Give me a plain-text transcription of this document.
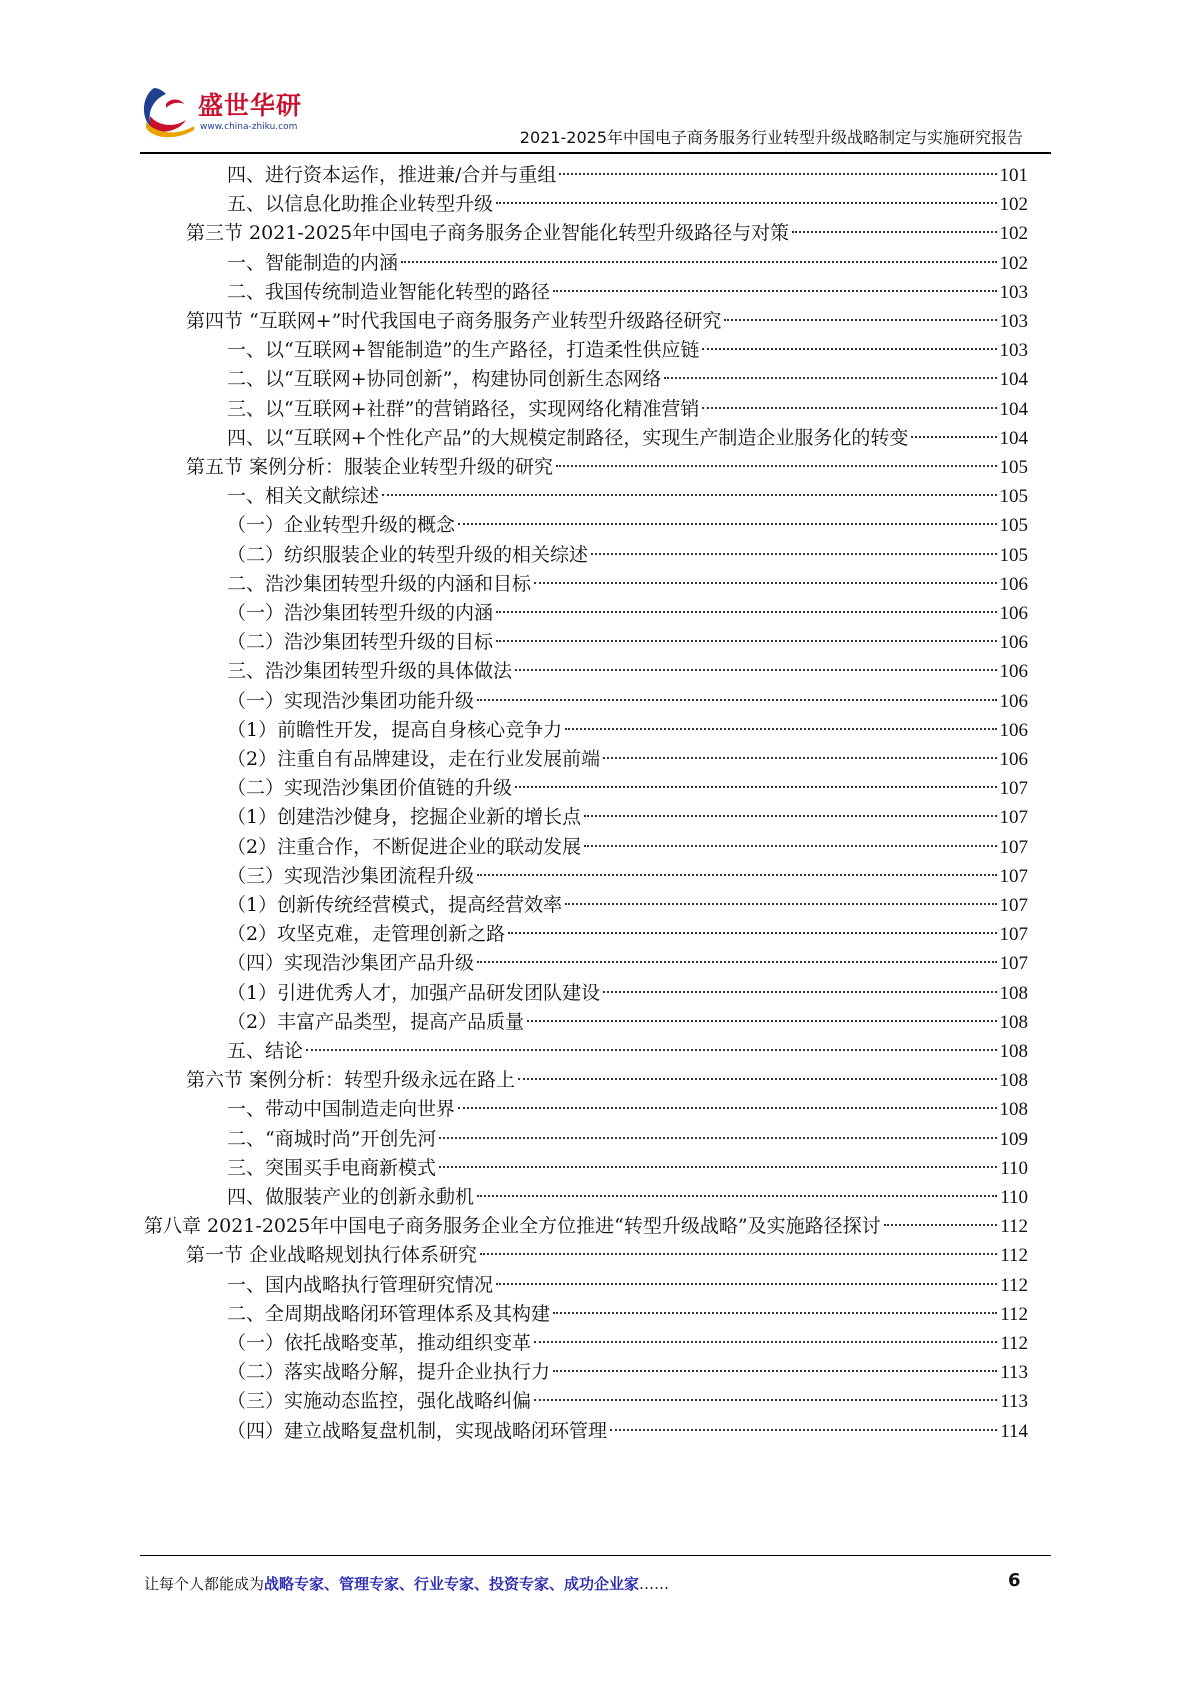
盛世华研
www.china-zhiku.com
2021-2025年中国电子商务服务行业转型升级战略制定与实施研究报告
四、进行资本运作，推进兼/合并与重组	101
五、以信息化助推企业转型升级	102
第三节 2021-2025年中国电子商务服务企业智能化转型升级路径与对策	102
一、智能制造的内涵	102
二、我国传统制造业智能化转型的路径	103
第四节 “互联网+”时代我国电子商务服务产业转型升级路径研究	103
一、以“互联网+智能制造”的生产路径，打造柔性供应链	103
二、以“互联网+协同创新”，构建协同创新生态网络	104
三、以“互联网+社群”的营销路径，实现网络化精准营销	104
四、以“互联网+个性化产品”的大规模定制路径，实现生产制造企业服务化的转变	104
第五节 案例分析：服装企业转型升级的研究	105
一、相关文献综述	105
（一）企业转型升级的概念	105
（二）纺织服装企业的转型升级的相关综述	105
二、浩沙集团转型升级的内涵和目标	106
（一）浩沙集团转型升级的内涵	106
（二）浩沙集团转型升级的目标	106
三、浩沙集团转型升级的具体做法	106
（一）实现浩沙集团功能升级	106
（1）前瞻性开发，提高自身核心竞争力	106
（2）注重自有品牌建设，走在行业发展前端	106
（二）实现浩沙集团价值链的升级	107
（1）创建浩沙健身，挖掘企业新的增长点	107
（2）注重合作，不断促进企业的联动发展	107
（三）实现浩沙集团流程升级	107
（1）创新传统经营模式，提高经营效率	107
（2）攻坚克难，走管理创新之路	107
（四）实现浩沙集团产品升级	107
（1）引进优秀人才，加强产品研发团队建设	108
（2）丰富产品类型，提高产品质量	108
五、结论	108
第六节 案例分析：转型升级永远在路上	108
一、带动中国制造走向世界	108
二、“商城时尚”开创先河	109
三、突围买手电商新模式	110
四、做服装产业的创新永動机	110
第八章 2021-2025年中国电子商务服务企业全方位推进“转型升级战略”及实施路径探讨	112
第一节 企业战略规划执行体系研究	112
一、国内战略执行管理研究情况	112
二、全周期战略闭环管理体系及其构建	112
（一）依托战略变革，推动组织变革	112
（二）落实战略分解，提升企业执行力	113
（三）实施动态监控，强化战略纠偏	113
（四）建立战略复盘机制，实现战略闭环管理	114
让每个人都能成为战略专家、管理专家、行业专家、投资专家、成功企业家……	6
